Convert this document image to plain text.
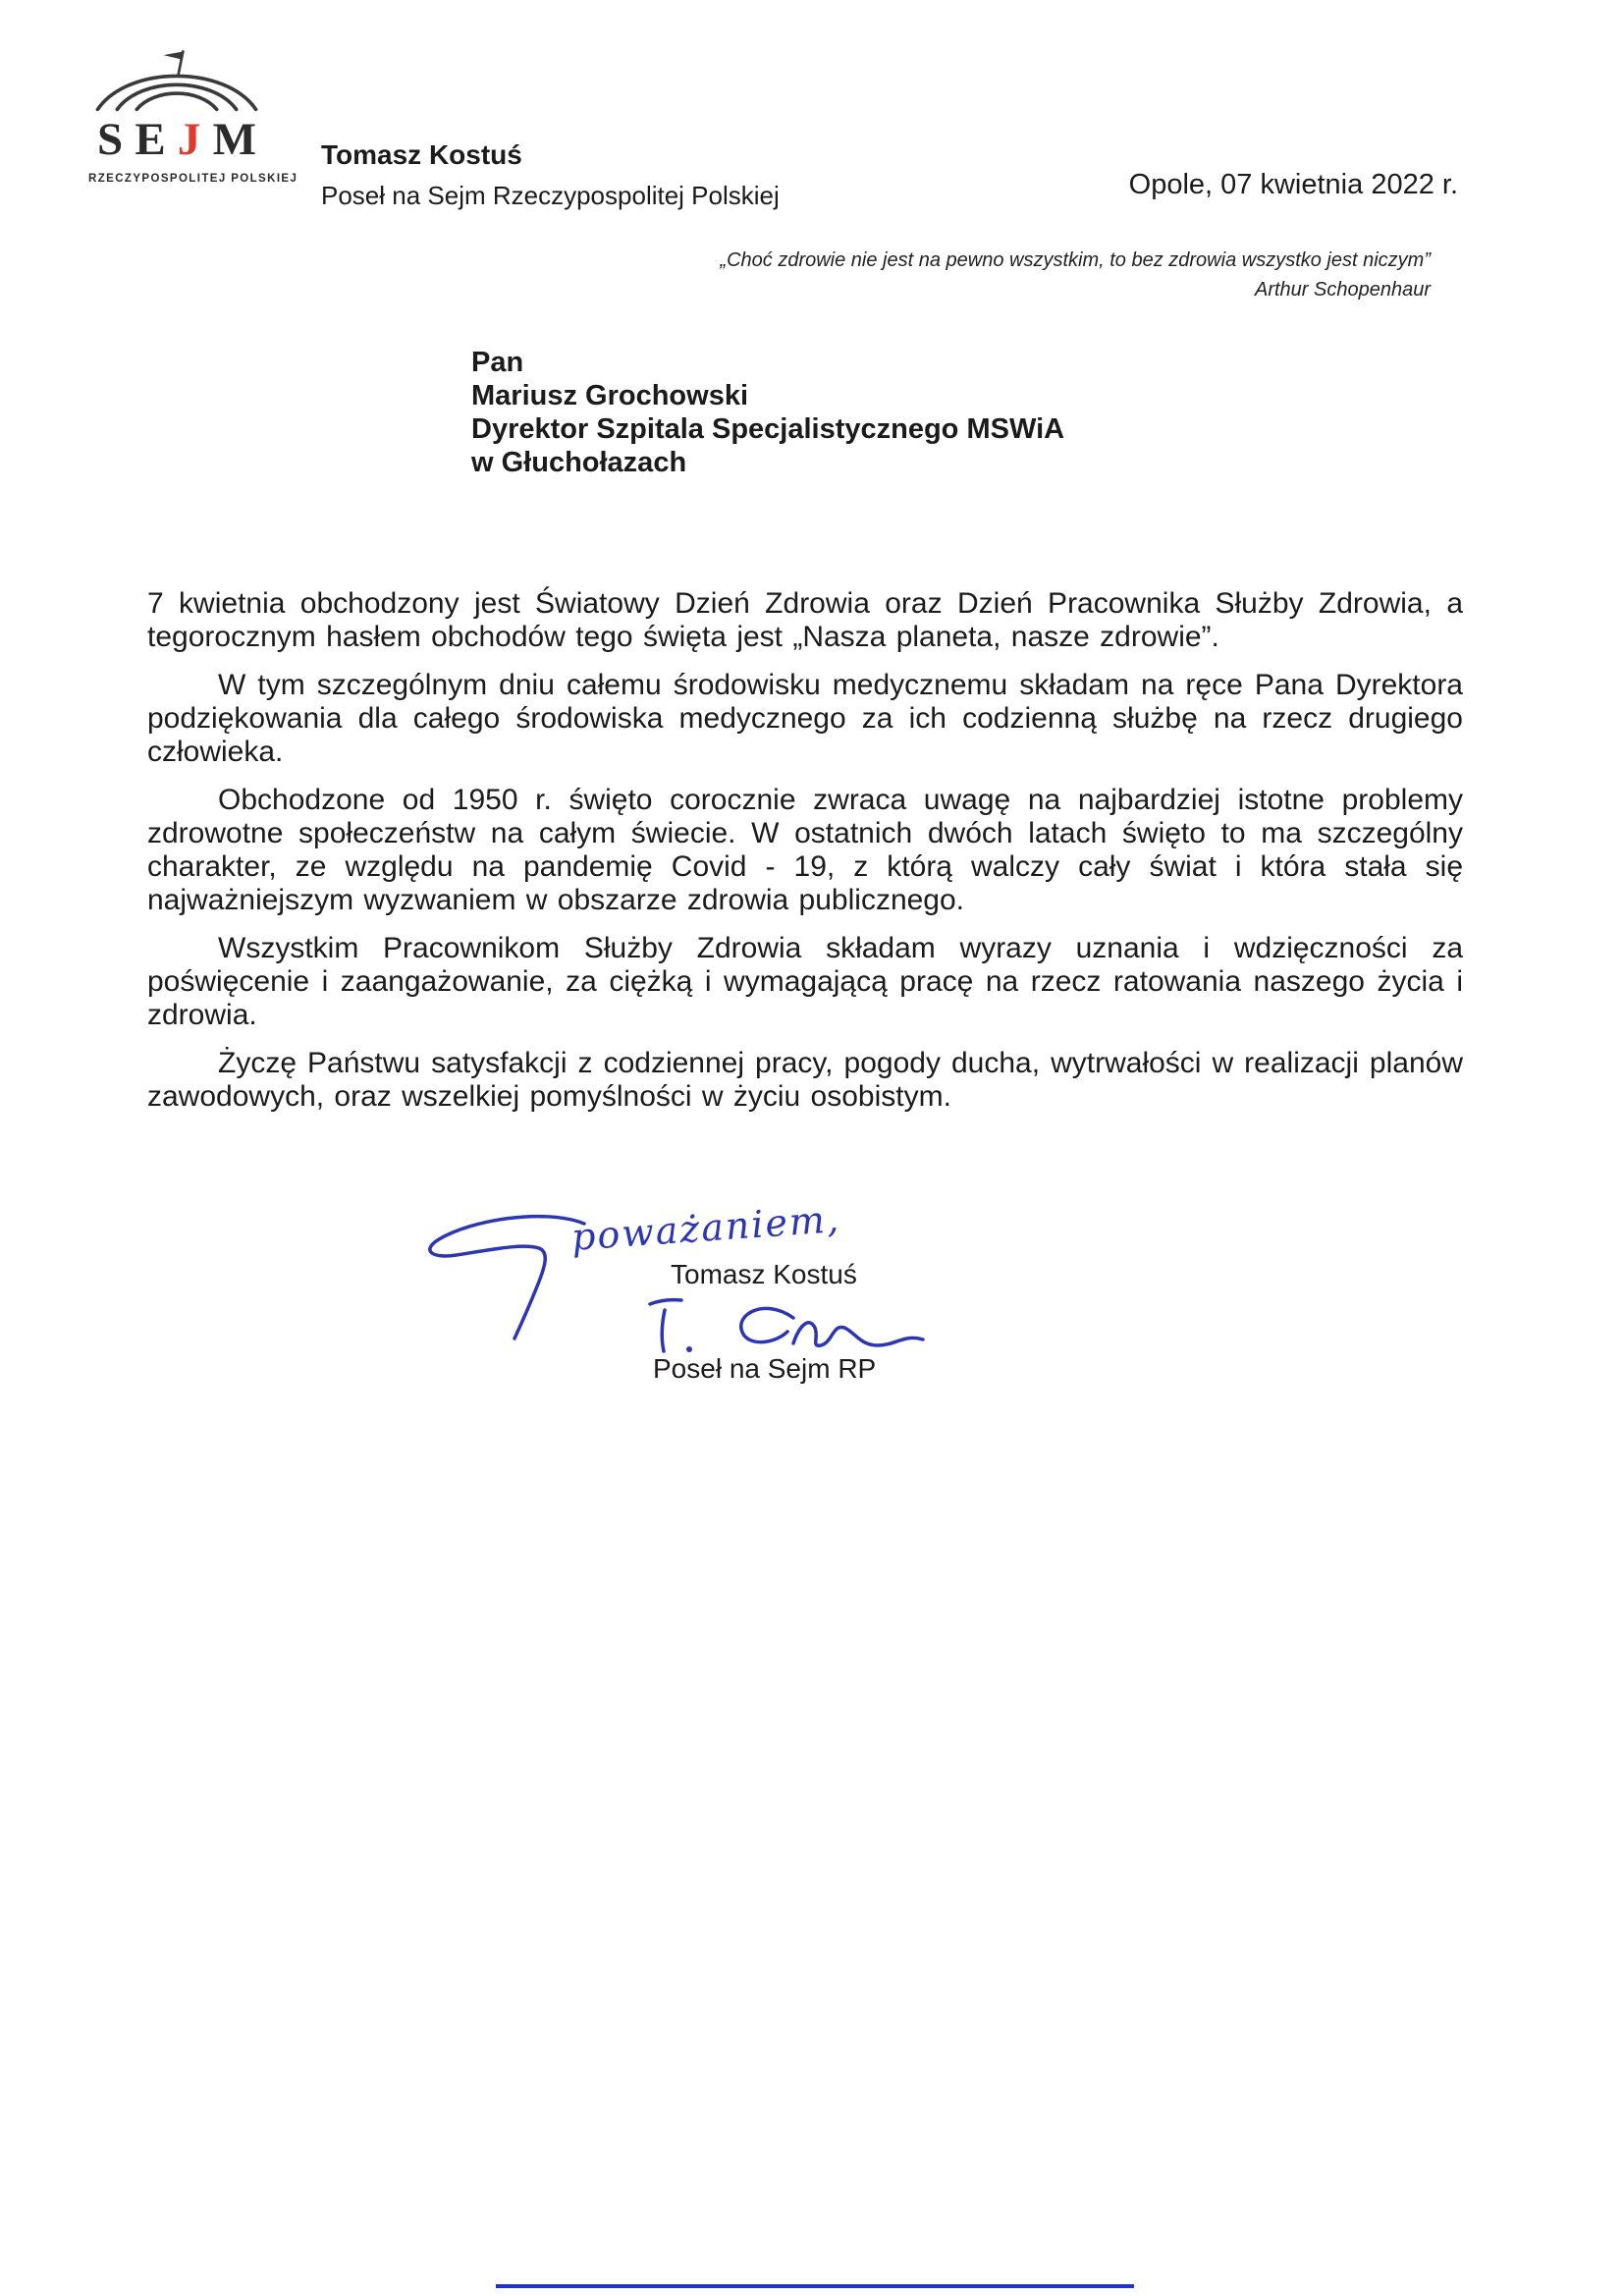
S E J M
RZECZYPOSPOLITEJ POLSKIEJ
Tomasz Kostuś
Poseł na Sejm Rzeczypospolitej Polskiej	Opole, 07 kwietnia 2022 r.
„Choć zdrowie nie jest na pewno wszystkim, to bez zdrowia wszystko jest niczym”
Arthur Schopenhaur
Pan
Mariusz Grochowski
Dyrektor Szpitala Specjalistycznego MSWiA
w Głuchołazach

7 kwietnia obchodzony jest Światowy Dzień Zdrowia oraz Dzień Pracownika Służby Zdrowia, a tegorocznym hasłem obchodów tego święta jest „Nasza planeta, nasze zdrowie”.

W tym szczególnym dniu całemu środowisku medycznemu składam na ręce Pana Dyrektora podziękowania dla całego środowiska medycznego za ich codzienną służbę na rzecz drugiego człowieka.

Obchodzone od 1950 r. święto corocznie zwraca uwagę na najbardziej istotne problemy zdrowotne społeczeństw na całym świecie. W ostatnich dwóch latach święto to ma szczególny charakter, ze względu na pandemię Covid - 19, z którą walczy cały świat i która stała się najważniejszym wyzwaniem w obszarze zdrowia publicznego.

Wszystkim Pracownikom Służby Zdrowia składam wyrazy uznania i wdzięczności za poświęcenie i zaangażowanie, za ciężką i wymagającą pracę na rzecz ratowania naszego życia i zdrowia.

Życzę Państwu satysfakcji z codziennej pracy, pogody ducha, wytrwałości w realizacji planów zawodowych, oraz wszelkiej pomyślności w życiu osobistym.

poważaniem,
Tomasz Kostuś
Poseł na Sejm RP
